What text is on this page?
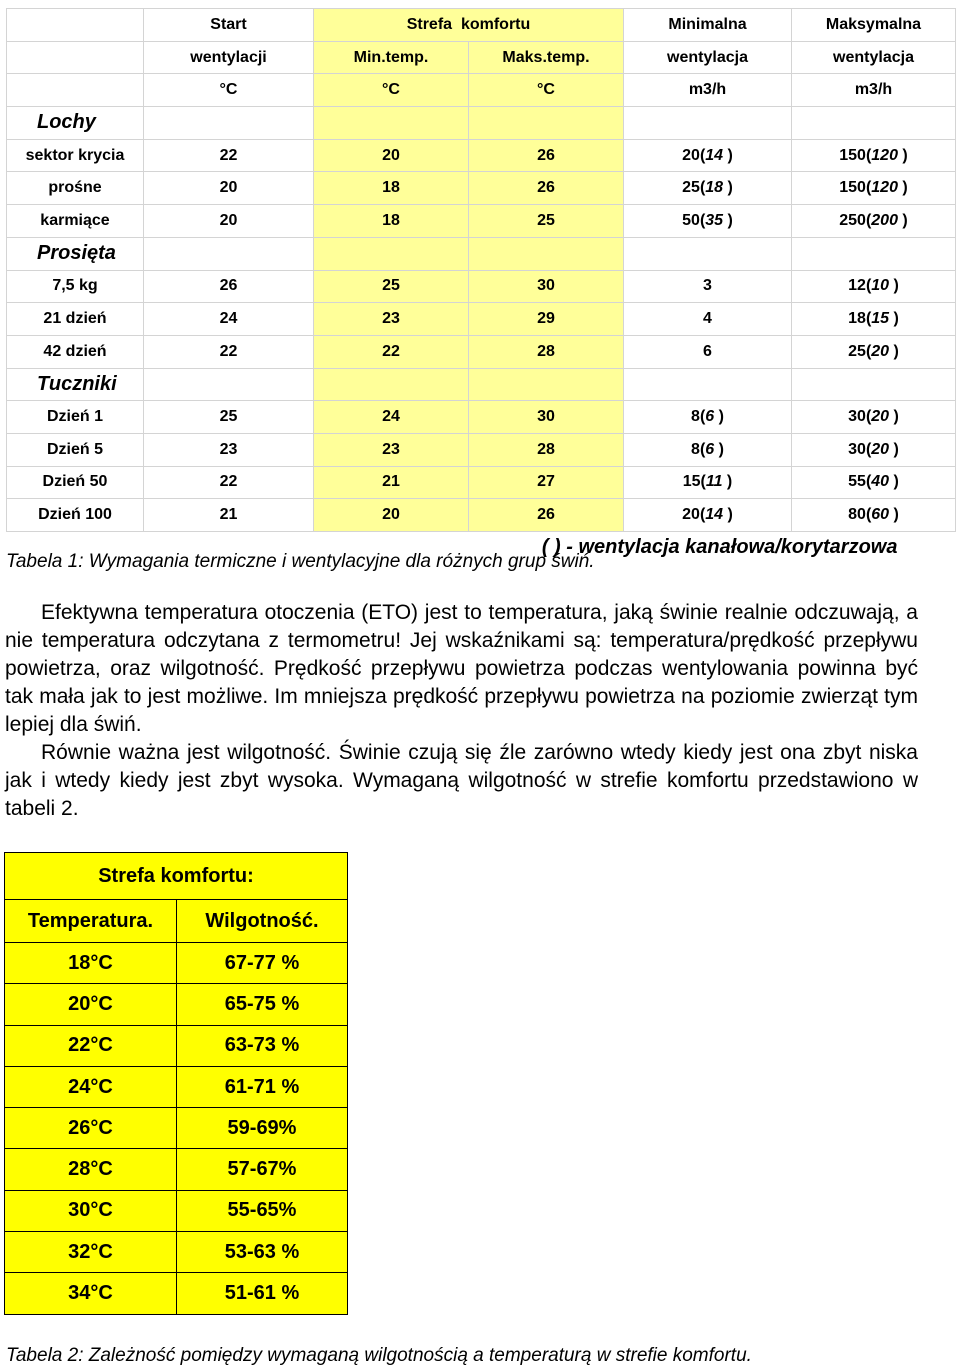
	Start	Strefa  komfortu		Minimalna	Maksymalna
	wentylacji	Min.temp.	Maks.temp.	wentylacja	wentylacja
	°C	°C	°C	m3/h	m3/h
Lochy					
sektor krycia	22	20	26	20(14 )	150(120 )
prośne	20	18	26	25(18 )	150(120 )
karmiące	20	18	25	50(35 )	250(200 )
Prosięta					
7,5 kg	26	25	30	3	12(10 )
21 dzień	24	23	29	4	18(15 )
42 dzień	22	22	28	6	25(20 )
Tuczniki					
Dzień 1	25	24	30	8(6 )	30(20 )
Dzień 5	23	23	28	8(6 )	30(20 )
Dzień 50	22	21	27	15(11 )	55(40 )
Dzień 100	21	20	26	20(14 )	80(60 )
	( ) - wentylacja kanałowa/korytarzowa				
Tabela 1: Wymagania termiczne i wentylacyjne dla różnych grup świń.

Efektywna temperatura otoczenia (ETO) jest to temperatura, jaką świnie realnie odczuwają, a nie temperatura odczytana z termometru! Jej wskaźnikami są: temperatura/prędkość przepływu powietrza, oraz wilgotność. Prędkość przepływu powietrza podczas wentylowania powinna być tak mała jak to jest możliwe. Im mniejsza prędkość przepływu powietrza na poziomie zwierząt tym lepiej dla świń.

Równie ważna jest wilgotność. Świnie czują się źle zarówno wtedy kiedy jest ona zbyt niska jak i wtedy kiedy jest zbyt wysoka. Wymaganą wilgotność w strefie komfortu przedstawiono w tabeli 2.

Strefa komfortu:	
Temperatura.	Wilgotność.
18°C	67-77 %
20°C	65-75 %
22°C	63-73 %
24°C	61-71 %
26°C	59-69%
28°C	57-67%
30°C	55-65%
32°C	53-63 %
34°C	51-61 %
Tabela 2: Zależność pomiędzy wymaganą wilgotnością a temperaturą w strefie komfortu.
